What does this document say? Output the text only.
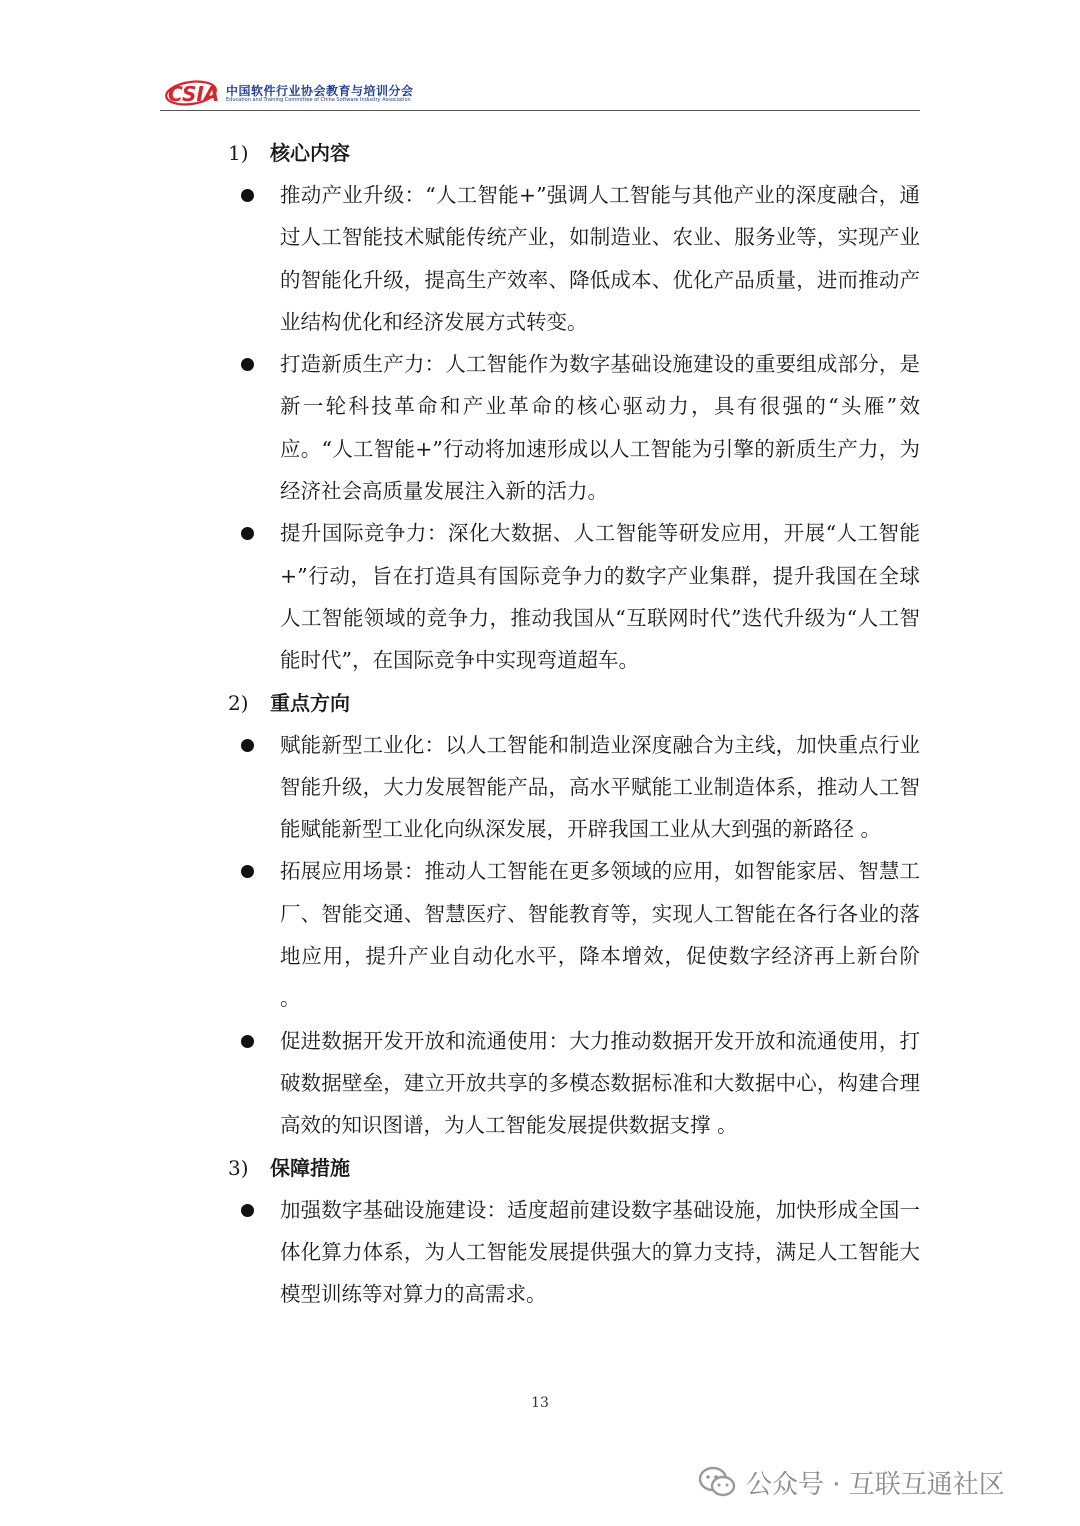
CSIA 中国软件行业协会教育与培训分会
Education and Training Committee of China Software Industry Association
1) 核心内容
推动产业升级：“人工智能+”强调人工智能与其他产业的深度融合，通过人工智能技术赋能传统产业，如制造业、农业、服务业等，实现产业的智能化升级，提高生产效率、降低成本、优化产品质量，进而推动产业结构优化和经济发展方式转变。
打造新质生产力：人工智能作为数字基础设施建设的重要组成部分，是新一轮科技革命和产业革命的核心驱动力，具有很强的“头雁”效应。“人工智能+”行动将加速形成以人工智能为引擎的新质生产力，为经济社会高质量发展注入新的活力。
提升国际竞争力：深化大数据、人工智能等研发应用，开展“人工智能+”行动，旨在打造具有国际竞争力的数字产业集群，提升我国在全球人工智能领域的竞争力，推动我国从“互联网时代”迭代升级为“人工智能时代”，在国际竞争中实现弯道超车。
2) 重点方向
赋能新型工业化：以人工智能和制造业深度融合为主线，加快重点行业智能升级，大力发展智能产品，高水平赋能工业制造体系，推动人工智能赋能新型工业化向纵深发展，开辟我国工业从大到强的新路径 。
拓展应用场景：推动人工智能在更多领域的应用，如智能家居、智慧工厂、智能交通、智慧医疗、智能教育等，实现人工智能在各行各业的落地应用，提升产业自动化水平，降本增效，促使数字经济再上新台阶 。
促进数据开发开放和流通使用：大力推动数据开发开放和流通使用，打破数据壁垒，建立开放共享的多模态数据标准和大数据中心，构建合理高效的知识图谱，为人工智能发展提供数据支撑 。
3) 保障措施
加强数字基础设施建设：适度超前建设数字基础设施，加快形成全国一体化算力体系，为人工智能发展提供强大的算力支持，满足人工智能大模型训练等对算力的高需求。
13
公众号 · 互联互通社区
